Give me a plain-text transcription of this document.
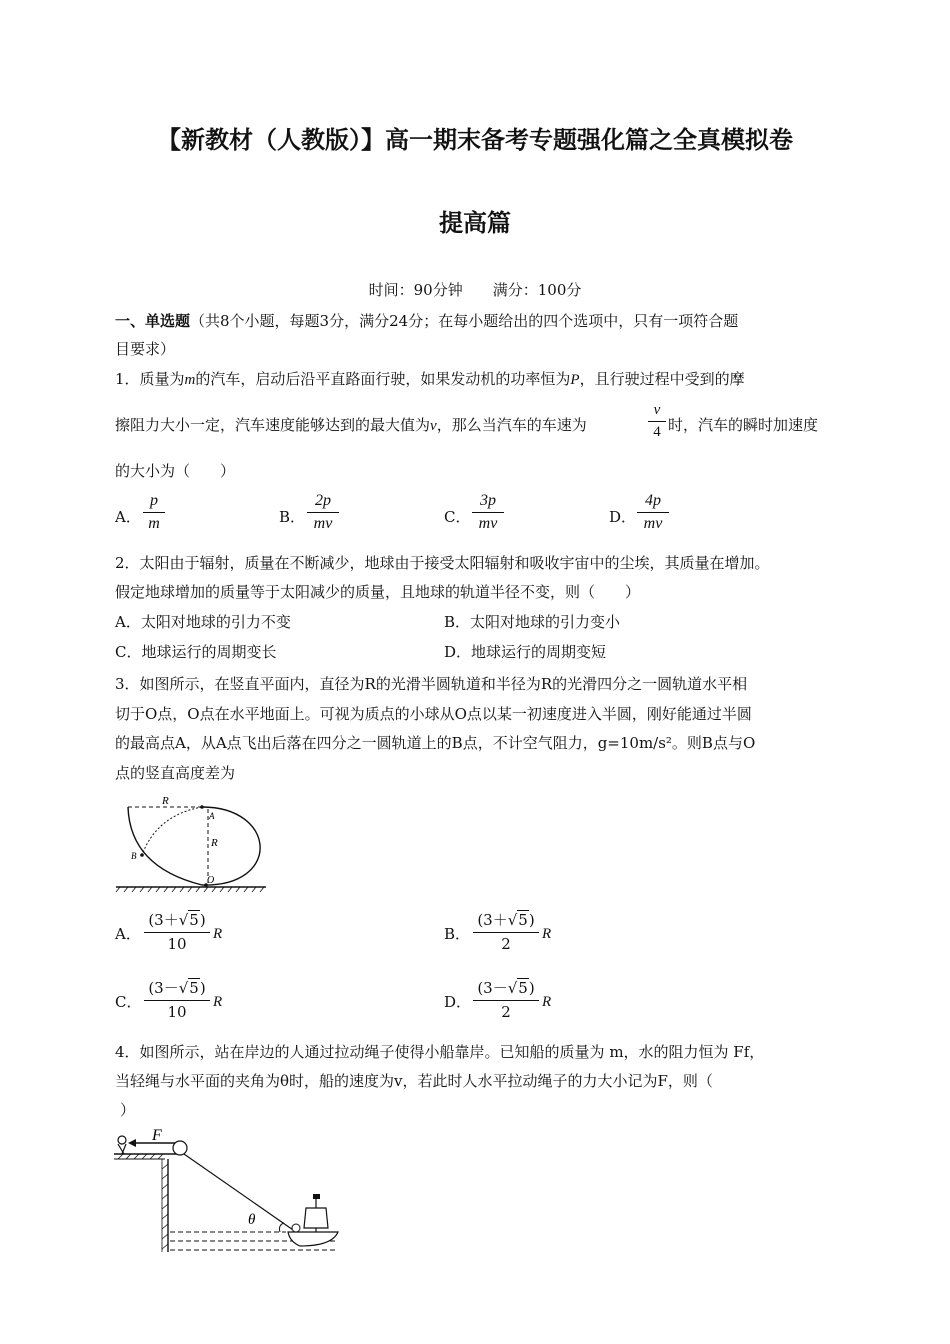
【新教材（人教版）】高一期末备考专题强化篇之全真模拟卷
提高篇
时间：90分钟　　满分：100分
一、单选题（共8个小题，每题3分，满分24分；在每小题给出的四个选项中，只有一项符合题
目要求）
1．质量为m的汽车，启动后沿平直路面行驶，如果发动机的功率恒为P，且行驶过程中受到的摩
擦阻力大小一定，汽车速度能够达到的最大值为v，那么当汽车的车速为
v
4 时，汽车的瞬时加速度
的大小为（　　）
A．
p
m	B．
2p
mv	C．
3p
mv	D．
4p
mv
2．太阳由于辐射，质量在不断减少，地球由于接受太阳辐射和吸收宇宙中的尘埃，其质量在增加。
假定地球增加的质量等于太阳减少的质量，且地球的轨道半径不变，则（　　）
A．太阳对地球的引力不变	B．太阳对地球的引力变小
C．地球运行的周期变长	D．地球运行的周期变短
3．如图所示，在竖直平面内，直径为R的光滑半圆轨道和半径为R的光滑四分之一圆轨道水平相
切于O点，O点在水平地面上。可视为质点的小球从O点以某一初速度进入半圆，刚好能通过半圆
的最高点A，从A点飞出后落在四分之一圆轨道上的B点，不计空气阻力，g=10m/s²。则B点与O
点的竖直高度差为
R
R
A
B
O
A．
(3＋√5)
10
R	B．
(3＋√5)
2
R
C．
(3－√5)
10
R	D．
(3－√5)
2
R
4．如图所示，站在岸边的人通过拉动绳子使得小船靠岸。已知船的质量为 m，水的阻力恒为 Ff，
当轻绳与水平面的夹角为θ时，船的速度为v，若此时人水平拉动绳子的力大小记为F，则（
）
F
θ
